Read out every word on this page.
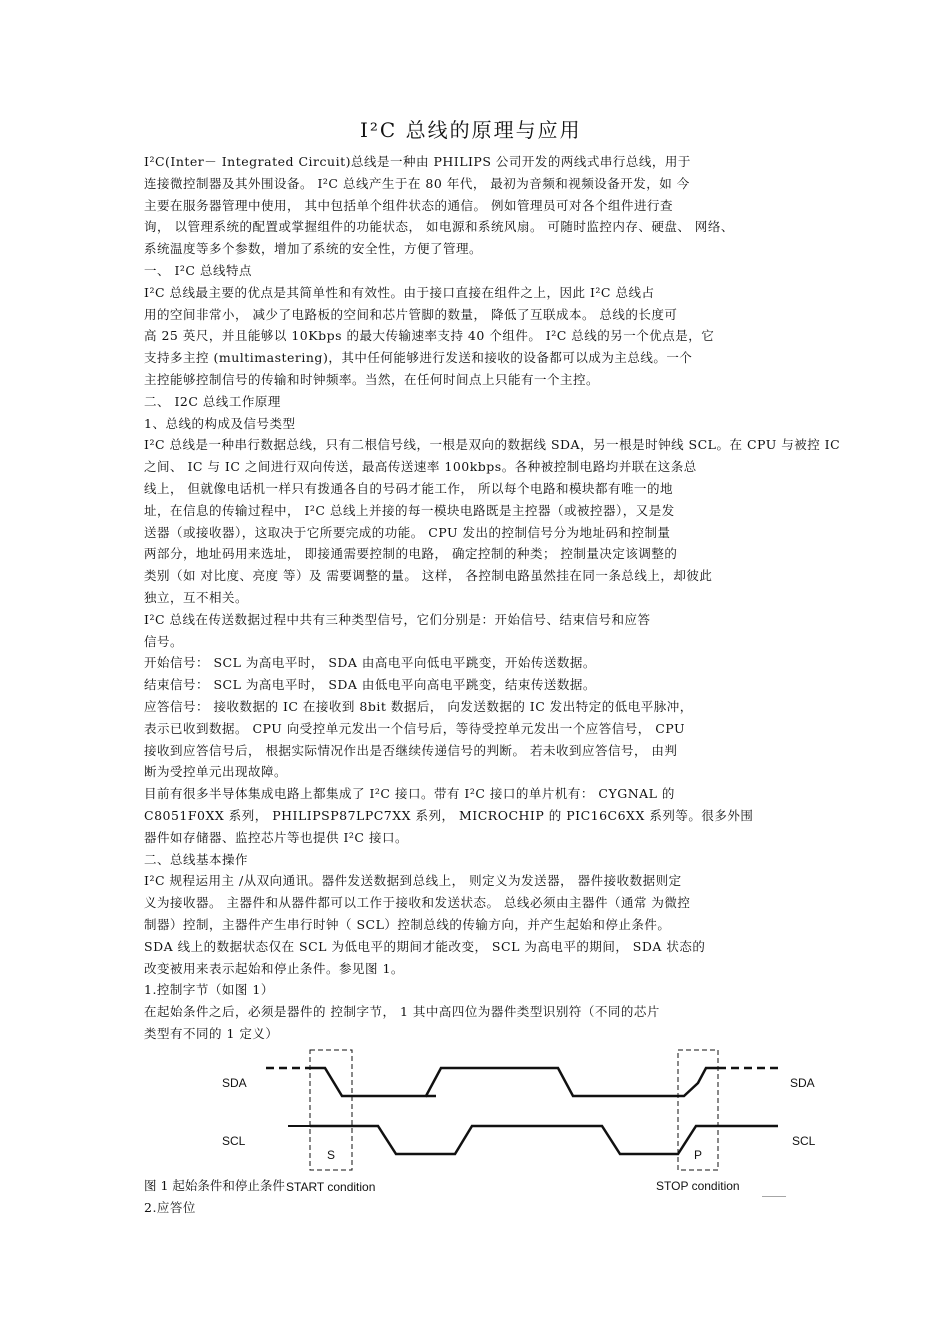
I²C 总线的原理与应用
I²C(Inter－ Integrated Circuit)总线是一种由 PHILIPS 公司开发的两线式串行总线，用于
连接微控制器及其外围设备。 I²C 总线产生于在 80 年代， 最初为音频和视频设备开发，如 今
主要在服务器管理中使用， 其中包括单个组件状态的通信。 例如管理员可对各个组件进行查
询， 以管理系统的配置或掌握组件的功能状态， 如电源和系统风扇。 可随时监控内存、硬盘、 网络、
系统温度等多个参数，增加了系统的安全性，方便了管理。
一、 I²C 总线特点
I²C 总线最主要的优点是其简单性和有效性。由于接口直接在组件之上，因此 I²C 总线占
用的空间非常小， 减少了电路板的空间和芯片管脚的数量， 降低了互联成本。 总线的长度可
高 25 英尺，并且能够以 10Kbps 的最大传输速率支持 40 个组件。 I²C 总线的另一个优点是，它
支持多主控 (multimastering)，其中任何能够进行发送和接收的设备都可以成为主总线。一个
主控能够控制信号的传输和时钟频率。当然，在任何时间点上只能有一个主控。
二、 I2C 总线工作原理
1、总线的构成及信号类型
I²C 总线是一种串行数据总线，只有二根信号线，一根是双向的数据线 SDA，另一根是时钟线 SCL。在 CPU 与被控 IC
之间、 IC 与 IC 之间进行双向传送，最高传送速率 100kbps。各种被控制电路均并联在这条总
线上， 但就像电话机一样只有拨通各自的号码才能工作， 所以每个电路和模块都有唯一的地
址，在信息的传输过程中， I²C 总线上并接的每一模块电路既是主控器（或被控器），又是发
送器（或接收器），这取决于它所要完成的功能。 CPU 发出的控制信号分为地址码和控制量
两部分，地址码用来选址， 即接通需要控制的电路， 确定控制的种类； 控制量决定该调整的
类别（如 对比度、亮度 等）及 需要调整的量。 这样， 各控制电路虽然挂在同一条总线上，却彼此
独立，互不相关。
I²C 总线在传送数据过程中共有三种类型信号，它们分别是：开始信号、结束信号和应答
信号。
开始信号： SCL 为高电平时， SDA 由高电平向低电平跳变，开始传送数据。
结束信号： SCL 为高电平时， SDA 由低电平向高电平跳变，结束传送数据。
应答信号： 接收数据的 IC 在接收到 8bit 数据后， 向发送数据的 IC 发出特定的低电平脉冲，
表示已收到数据。 CPU 向受控单元发出一个信号后，等待受控单元发出一个应答信号， CPU
接收到应答信号后， 根据实际情况作出是否继续传递信号的判断。 若未收到应答信号， 由判
断为受控单元出现故障。
目前有很多半导体集成电路上都集成了 I²C 接口。带有 I²C 接口的单片机有： CYGNAL 的
C8051F0XX 系列， PHILIPSP87LPC7XX 系列， MICROCHIP 的 PIC16C6XX 系列等。很多外围
器件如存储器、监控芯片等也提供 I²C 接口。
二、总线基本操作
I²C 规程运用主 /从双向通讯。器件发送数据到总线上， 则定义为发送器， 器件接收数据则定
义为接收器。 主器件和从器件都可以工作于接收和发送状态。 总线必须由主器件（通常 为微控
制器）控制，主器件产生串行时钟（ SCL）控制总线的传输方向，并产生起始和停止条件。
SDA 线上的数据状态仅在 SCL 为低电平的期间才能改变， SCL 为高电平的期间， SDA 状态的
改变被用来表示起始和停止条件。参见图 1。
1.控制字节（如图 1）
在起始条件之后，必须是器件的 控制字节， 1 其中高四位为器件类型识别符（不同的芯片
类型有不同的 1 定义）
SDA	SDA
SCL	SCL
S	P
START condition	STOP condition
图 1 起始条件和停止条件	____
2.应答位
